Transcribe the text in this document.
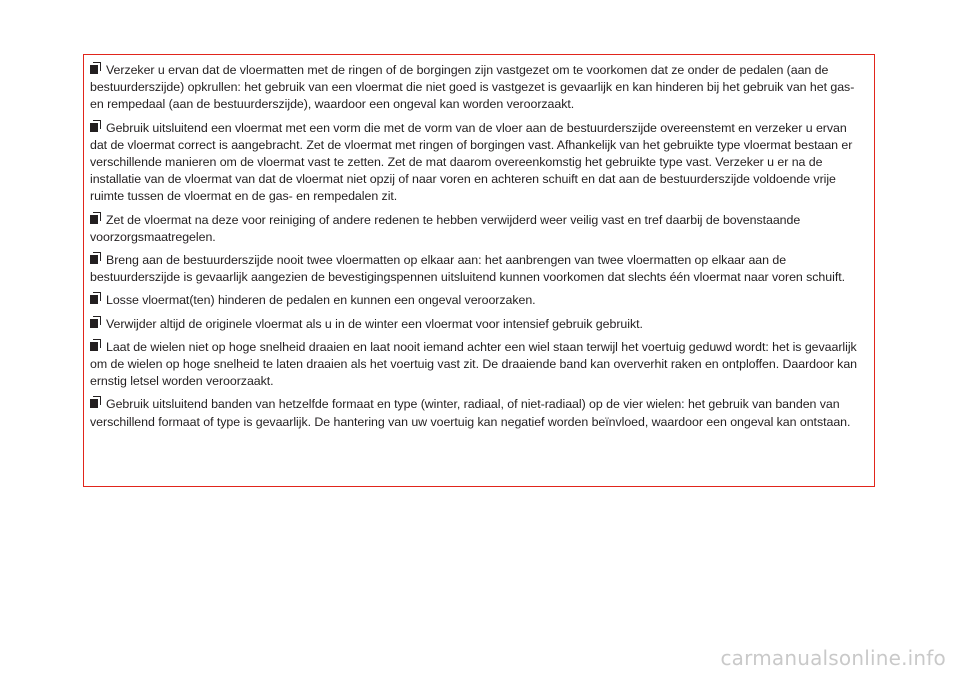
Verzeker u ervan dat de vloermatten met de ringen of de borgingen zijn vastgezet om te voorkomen dat ze onder de pedalen (aan de bestuurderszijde) opkrullen: het gebruik van een vloermat die niet goed is vastgezet is gevaarlijk en kan hinderen bij het gebruik van het gas- en rempedaal (aan de bestuurderszijde), waardoor een ongeval kan worden veroorzaakt.

Gebruik uitsluitend een vloermat met een vorm die met de vorm van de vloer aan de bestuurderszijde overeenstemt en verzeker u ervan dat de vloermat correct is aangebracht. Zet de vloermat met ringen of borgingen vast. Afhankelijk van het gebruikte type vloermat bestaan er verschillende manieren om de vloermat vast te zetten. Zet de mat daarom overeenkomstig het gebruikte type vast. Verzeker u er na de installatie van de vloermat van dat de vloermat niet opzij of naar voren en achteren schuift en dat aan de bestuurderszijde voldoende vrije ruimte tussen de vloermat en de gas- en rempedalen zit.

Zet de vloermat na deze voor reiniging of andere redenen te hebben verwijderd weer veilig vast en tref daarbij de bovenstaande voorzorgsmaatregelen.

Breng aan de bestuurderszijde nooit twee vloermatten op elkaar aan: het aanbrengen van twee vloermatten op elkaar aan de bestuurderszijde is gevaarlijk aangezien de bevestigingspennen uitsluitend kunnen voorkomen dat slechts één vloermat naar voren schuift.

Losse vloermat(ten) hinderen de pedalen en kunnen een ongeval veroorzaken.

Verwijder altijd de originele vloermat als u in de winter een vloermat voor intensief gebruik gebruikt.

Laat de wielen niet op hoge snelheid draaien en laat nooit iemand achter een wiel staan terwijl het voertuig geduwd wordt: het is gevaarlijk om de wielen op hoge snelheid te laten draaien als het voertuig vast zit. De draaiende band kan oververhit raken en ontploffen. Daardoor kan ernstig letsel worden veroorzaakt.

Gebruik uitsluitend banden van hetzelfde formaat en type (winter, radiaal, of niet-radiaal) op de vier wielen: het gebruik van banden van verschillend formaat of type is gevaarlijk. De hantering van uw voertuig kan negatief worden beïnvloed, waardoor een ongeval kan ontstaan.

carmanualsonline.info
